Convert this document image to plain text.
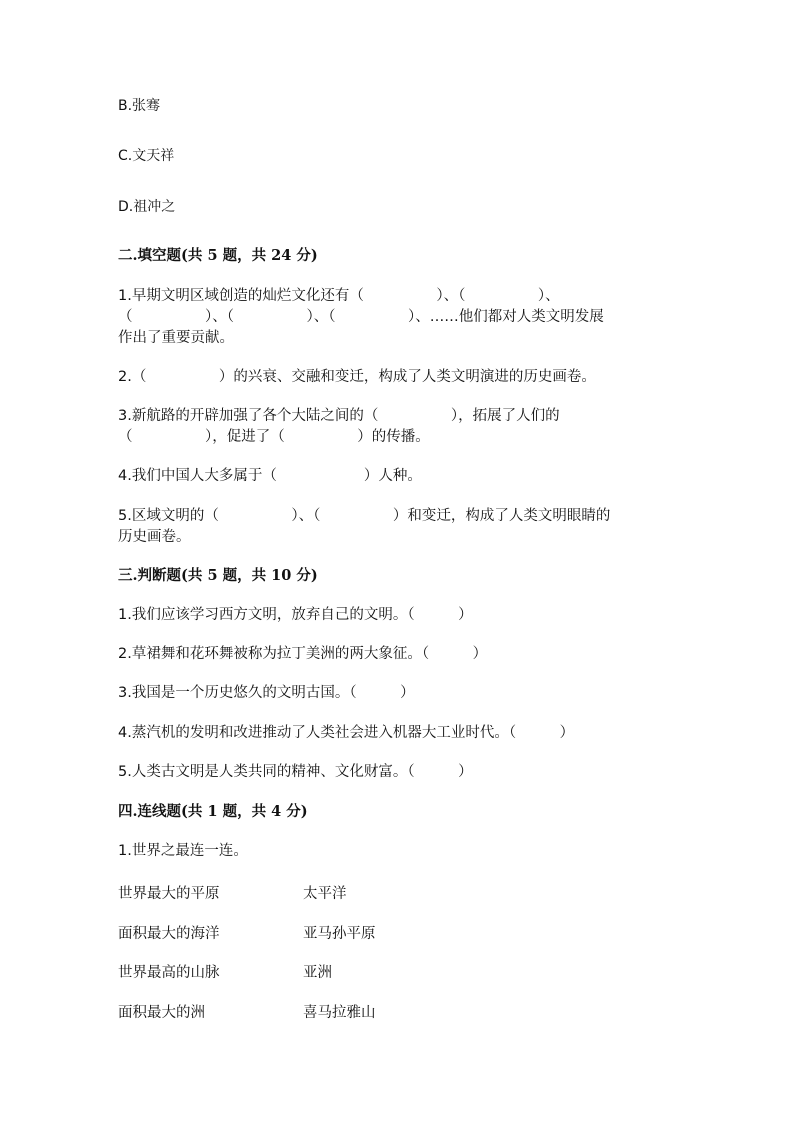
B.张骞
C.文天祥
D.祖冲之
二.填空题(共 5 题，共 24 分)
1.早期文明区域创造的灿烂文化还有（　　　　　）、（　　　　　）、
（　　　　　）、（　　　　　）、（　　　　　）、……他们都对人类文明发展
作出了重要贡献。
2.（　　　　　）的兴衰、交融和变迁，构成了人类文明演进的历史画卷。
3.新航路的开辟加强了各个大陆之间的（　　　　　），拓展了人们的
（　　　　　），促进了（　　　　　）的传播。
4.我们中国人大多属于（　　　　　　）人种。
5.区域文明的（　　　　　）、（　　　　　）和变迁，构成了人类文明眼睛的
历史画卷。
三.判断题(共 5 题，共 10 分)
1.我们应该学习西方文明，放弃自己的文明。（　　　）
2.草裙舞和花环舞被称为拉丁美洲的两大象征。（　　　）
3.我国是一个历史悠久的文明古国。（　　　）
4.蒸汽机的发明和改进推动了人类社会进入机器大工业时代。（　　　）
5.人类古文明是人类共同的精神、文化财富。（　　　）
四.连线题(共 1 题，共 4 分)
1.世界之最连一连。
世界最大的平原	太平洋
面积最大的海洋	亚马孙平原
世界最高的山脉	亚洲
面积最大的洲	喜马拉雅山
